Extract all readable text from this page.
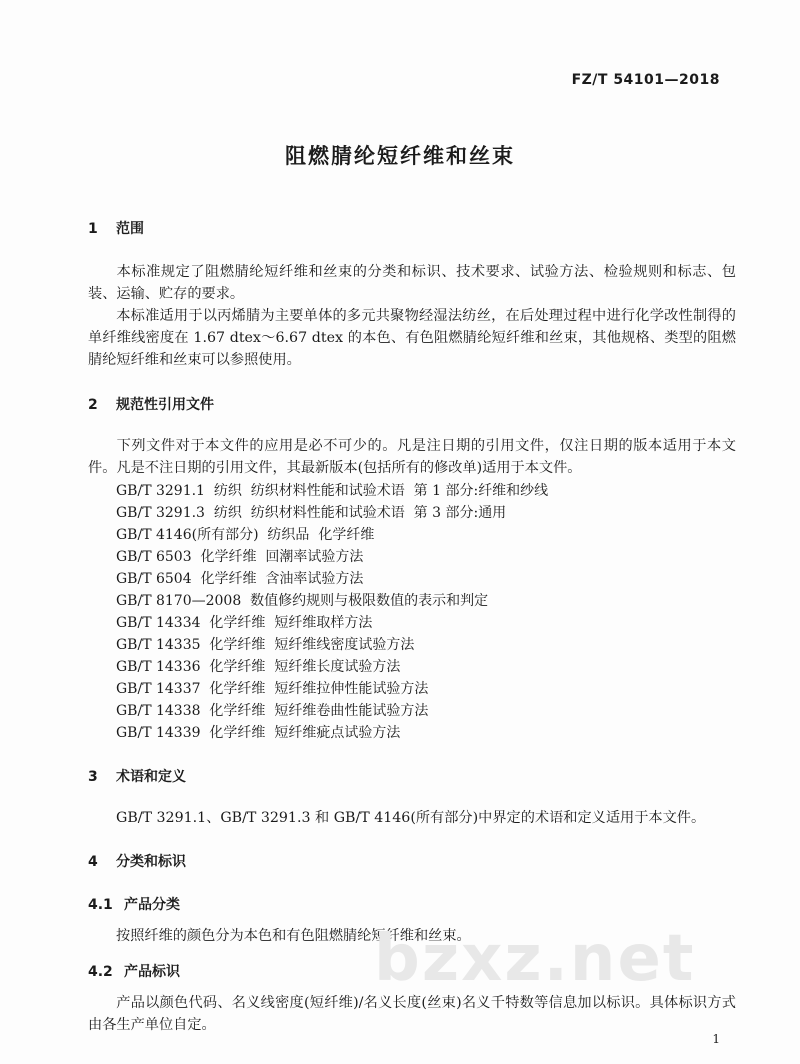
FZ/T 54101—2018
阻燃腈纶短纤维和丝束
1 范围
本标准规定了阻燃腈纶短纤维和丝束的分类和标识、技术要求、试验方法、检验规则和标志、包装、运输、贮存的要求。
本标准适用于以丙烯腈为主要单体的多元共聚物经湿法纺丝，在后处理过程中进行化学改性制得的单纤维线密度在 1.67 dtex～6.67 dtex 的本色、有色阻燃腈纶短纤维和丝束，其他规格、类型的阻燃腈纶短纤维和丝束可以参照使用。
2 规范性引用文件
下列文件对于本文件的应用是必不可少的。凡是注日期的引用文件，仅注日期的版本适用于本文件。凡是不注日期的引用文件，其最新版本(包括所有的修改单)适用于本文件。
GB/T 3291.1  纺织  纺织材料性能和试验术语  第 1 部分:纤维和纱线
GB/T 3291.3  纺织  纺织材料性能和试验术语  第 3 部分:通用
GB/T 4146(所有部分)  纺织品  化学纤维
GB/T 6503  化学纤维  回潮率试验方法
GB/T 6504  化学纤维  含油率试验方法
GB/T 8170—2008  数值修约规则与极限数值的表示和判定
GB/T 14334  化学纤维  短纤维取样方法
GB/T 14335  化学纤维  短纤维线密度试验方法
GB/T 14336  化学纤维  短纤维长度试验方法
GB/T 14337  化学纤维  短纤维拉伸性能试验方法
GB/T 14338  化学纤维  短纤维卷曲性能试验方法
GB/T 14339  化学纤维  短纤维疵点试验方法
3 术语和定义
GB/T 3291.1、GB/T 3291.3 和 GB/T 4146(所有部分)中界定的术语和定义适用于本文件。
4 分类和标识
4.1 产品分类
按照纤维的颜色分为本色和有色阻燃腈纶短纤维和丝束。
bzxz.net
4.2 产品标识
产品以颜色代码、名义线密度(短纤维)/名义长度(丝束)名义千特数等信息加以标识。具体标识方式由各生产单位自定。
1
